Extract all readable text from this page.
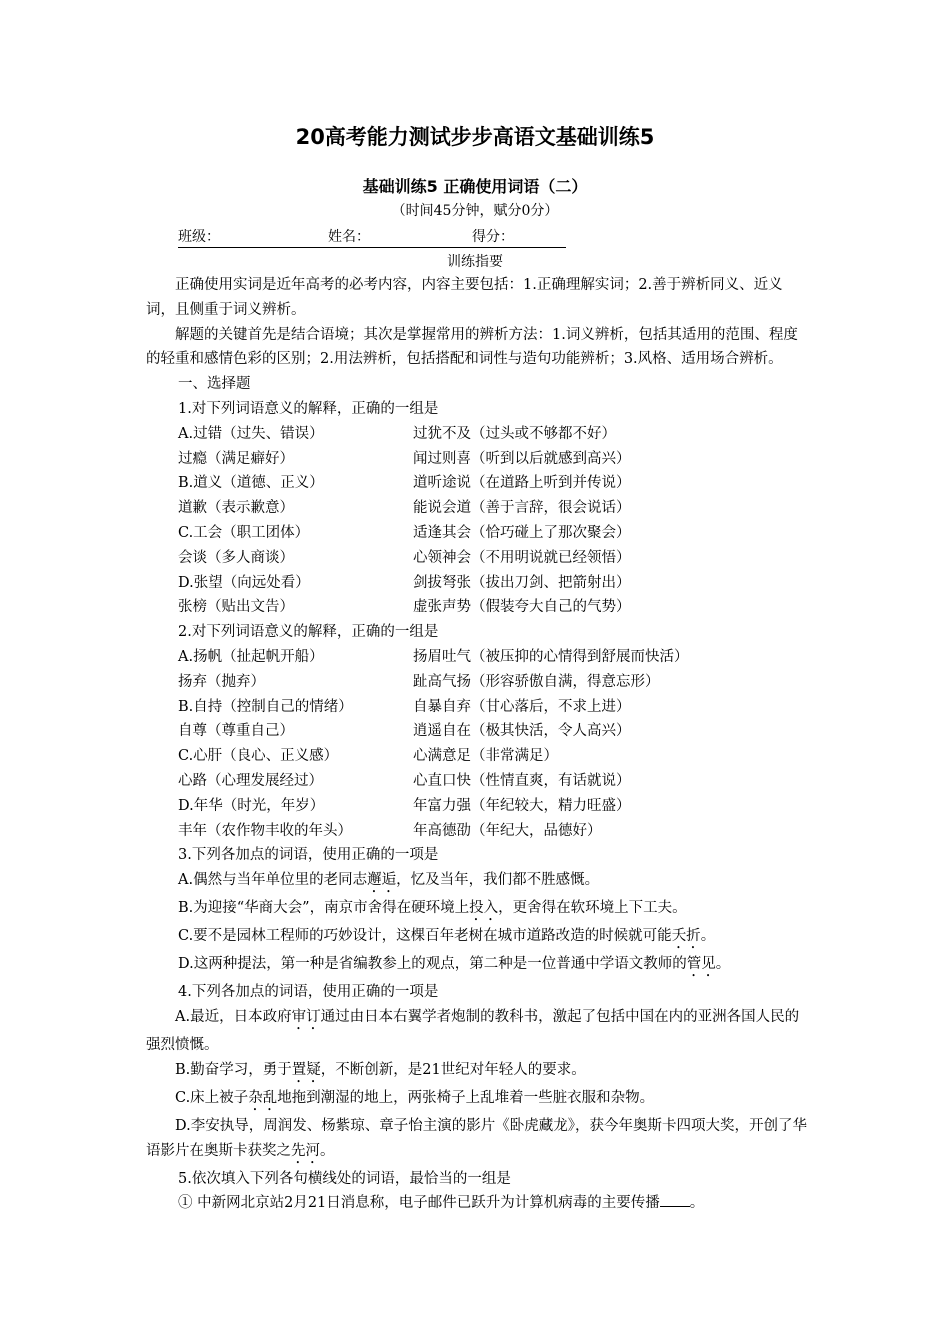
20高考能力测试步步高语文基础训练5
基础训练5 正确使用词语（二）
（时间45分钟，赋分0分）
班级：	姓名：	得分：
训练指要

正确使用实词是近年高考的必考内容，内容主要包括：1.正确理解实词；2.善于辨析同义、近义词，且侧重于词义辨析。

解题的关键首先是结合语境；其次是掌握常用的辨析方法：1.词义辨析，包括其适用的范围、程度的轻重和感情色彩的区别；2.用法辨析，包括搭配和词性与造句功能辨析；3.风格、适用场合辨析。

一、选择题
1.对下列词语意义的解释，正确的一组是
A.过错（过失、错误）	过犹不及（过头或不够都不好）
过瘾（满足癖好）	闻过则喜（听到以后就感到高兴）
B.道义（道德、正义）	道听途说（在道路上听到并传说）
道歉（表示歉意）	能说会道（善于言辞，很会说话）
C.工会（职工团体）	适逢其会（恰巧碰上了那次聚会）
会谈（多人商谈）	心领神会（不用明说就已经领悟）
D.张望（向远处看）	剑拔弩张（拔出刀剑、把箭射出）
张榜（贴出文告）	虚张声势（假装夸大自己的气势）
2.对下列词语意义的解释，正确的一组是
A.扬帆（扯起帆开船）	扬眉吐气（被压抑的心情得到舒展而快活）
扬弃（抛弃）	趾高气扬（形容骄傲自满，得意忘形）
B.自持（控制自己的情绪）	自暴自弃（甘心落后，不求上进）
自尊（尊重自己）	逍遥自在（极其快活，令人高兴）
C.心肝（良心、正义感）	心满意足（非常满足）
心路（心理发展经过）	心直口快（性情直爽，有话就说）
D.年华（时光，年岁）	年富力强（年纪较大，精力旺盛）
丰年（农作物丰收的年头）	年高德劭（年纪大，品德好）
3.下列各加点的词语，使用正确的一项是
A.偶然与当年单位里的老同志邂逅，忆及当年，我们都不胜感慨。
B.为迎接“华商大会”，南京市舍得在硬环境上投入，更舍得在软环境上下工夫。
C.要不是园林工程师的巧妙设计，这棵百年老树在城市道路改造的时候就可能夭折。
D.这两种提法，第一种是省编教参上的观点，第二种是一位普通中学语文教师的管见。
4.下列各加点的词语，使用正确的一项是

A.最近，日本政府审订通过由日本右翼学者炮制的教科书，激起了包括中国在内的亚洲各国人民的强烈愤慨。

B.勤奋学习，勇于置疑，不断创新，是21世纪对年轻人的要求。

C.床上被子杂乱地拖到潮湿的地上，两张椅子上乱堆着一些脏衣服和杂物。

D.李安执导，周润发、杨紫琼、章子怡主演的影片《卧虎藏龙》，获今年奥斯卡四项大奖，开创了华语影片在奥斯卡获奖之先河。

5.依次填入下列各句横线处的词语，最恰当的一组是
① 中新网北京站2月21日消息称，电子邮件已跃升为计算机病毒的主要传播 。
